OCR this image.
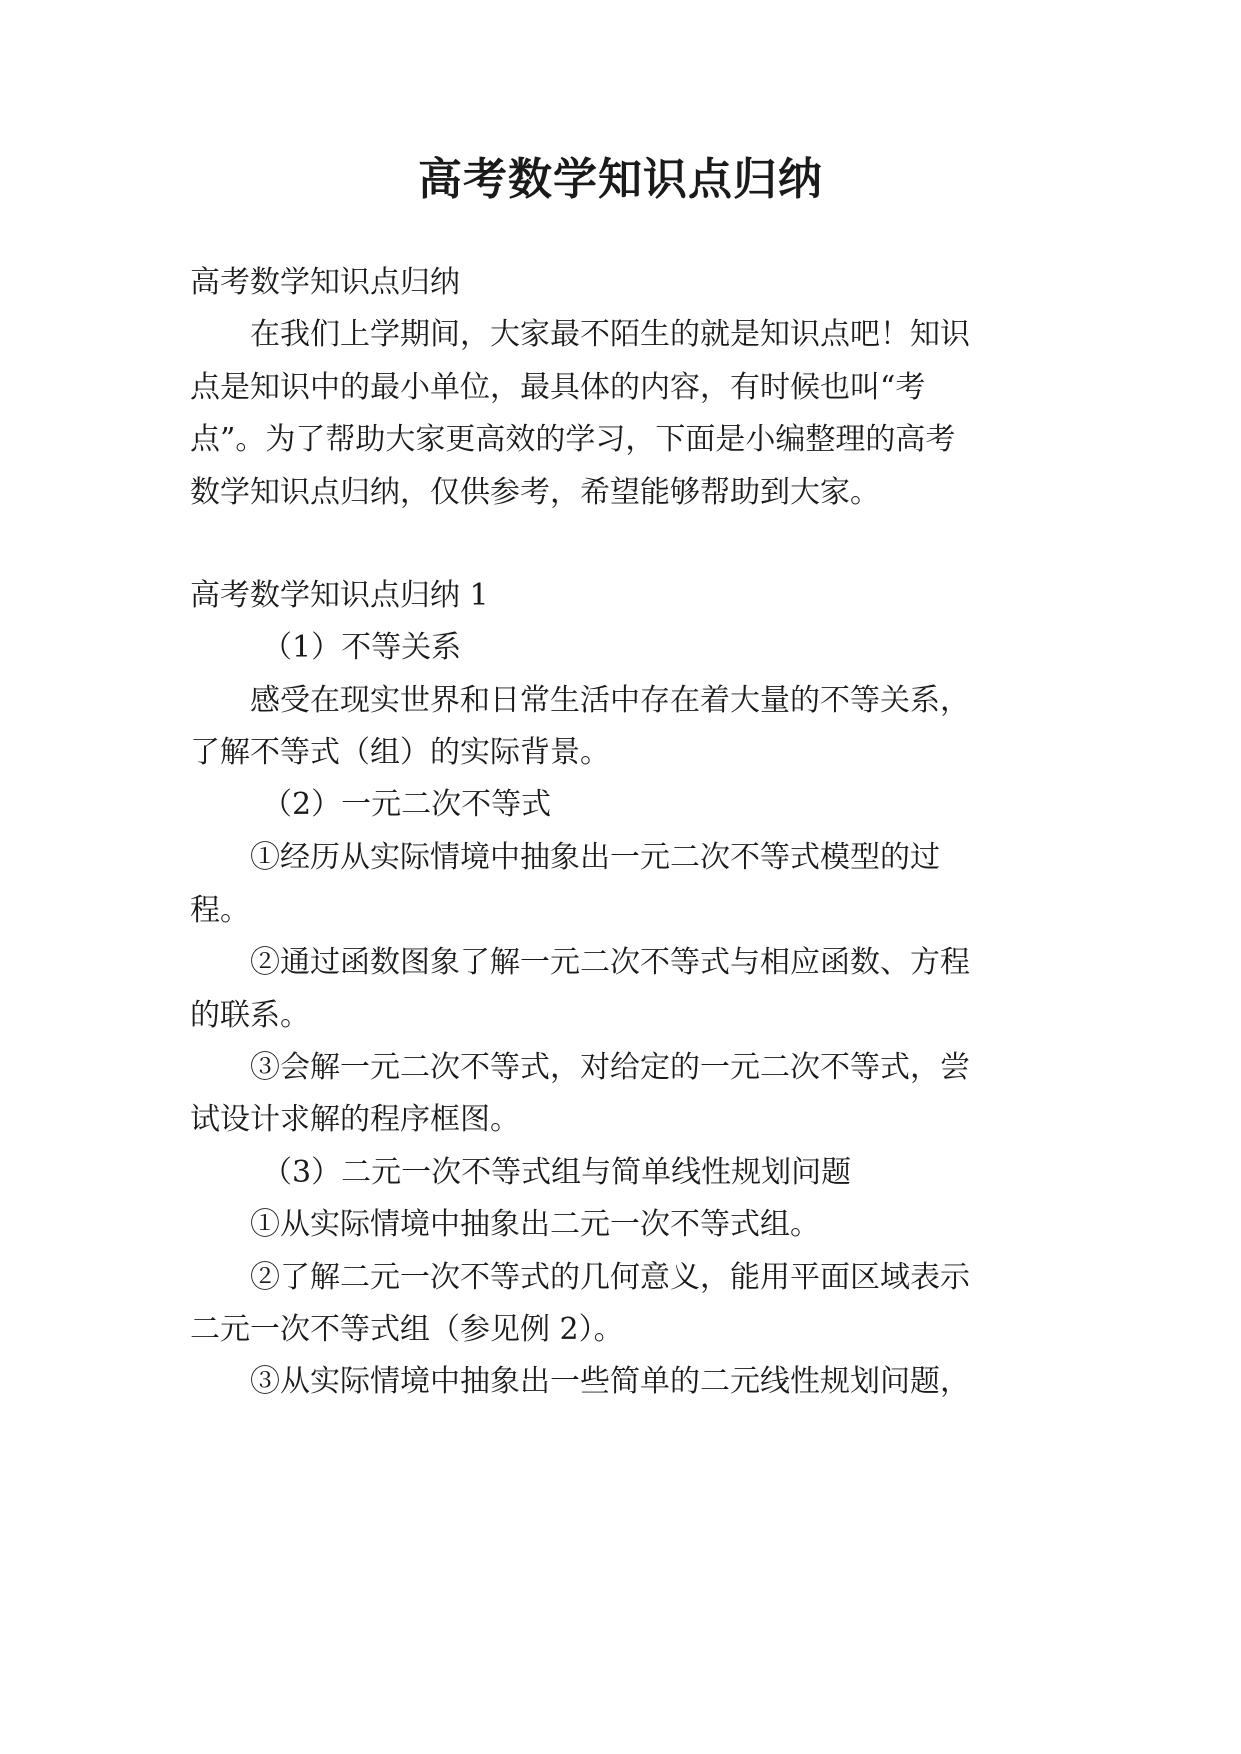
高考数学知识点归纳
高考数学知识点归纳
在我们上学期间，大家最不陌生的就是知识点吧！知识
点是知识中的最小单位，最具体的内容，有时候也叫“考
点”。为了帮助大家更高效的学习，下面是小编整理的高考
数学知识点归纳，仅供参考，希望能够帮助到大家。
高考数学知识点归纳 1
（1）不等关系
感受在现实世界和日常生活中存在着大量的不等关系，
了解不等式（组）的实际背景。
（2）一元二次不等式
①经历从实际情境中抽象出一元二次不等式模型的过
程。
②通过函数图象了解一元二次不等式与相应函数、方程
的联系。
③会解一元二次不等式，对给定的一元二次不等式，尝
试设计求解的程序框图。
（3）二元一次不等式组与简单线性规划问题
①从实际情境中抽象出二元一次不等式组。
②了解二元一次不等式的几何意义，能用平面区域表示
二元一次不等式组（参见例 2）。
③从实际情境中抽象出一些简单的二元线性规划问题，
